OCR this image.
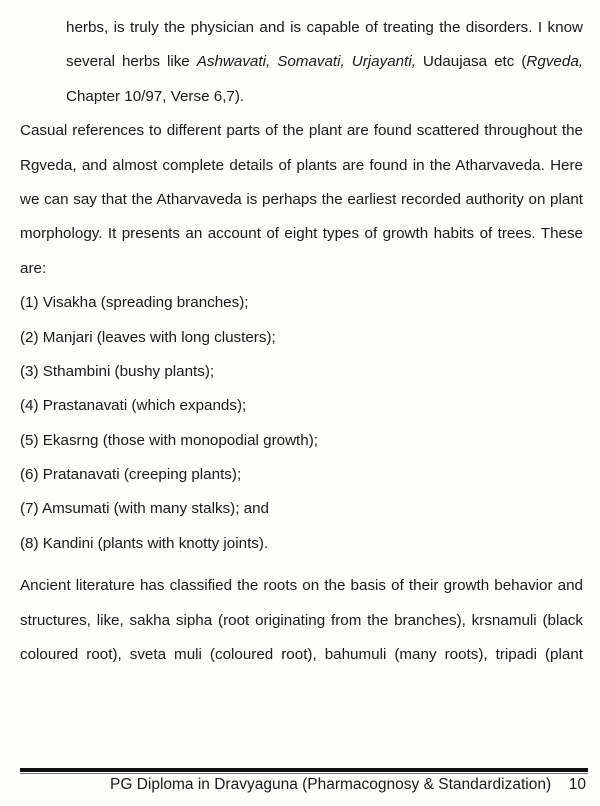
herbs, is truly the physician and is capable of treating the disorders. I know
several herbs like Ashwavati, Somavati, Urjayanti, Udaujasa etc (Rgveda,
Chapter 10/97, Verse 6,7).
Casual references to different parts of the plant are found scattered throughout the
Rgveda, and almost complete details of plants are found in the Atharvaveda. Here
we can say that the Atharvaveda is perhaps the earliest recorded authority on plant
morphology. It presents an account of eight types of growth habits of trees. These
are:
(1) Visakha (spreading branches);
(2) Manjari (leaves with long clusters);
(3) Sthambini (bushy plants);
(4) Prastanavati (which expands);
(5) Ekasrng (those with monopodial growth);
(6) Pratanavati (creeping plants);
(7) Amsumati (with many stalks); and
(8) Kandini (plants with knotty joints).
Ancient literature has classified the roots on the basis of their growth behavior and
structures, like, sakha sipha (root originating from the branches), krsnamuli (black
coloured root), sveta muli (coloured root), bahumuli (many roots), tripadi (plant
PG Diploma in Dravyaguna (Pharmacognosy & Standardization) 10
